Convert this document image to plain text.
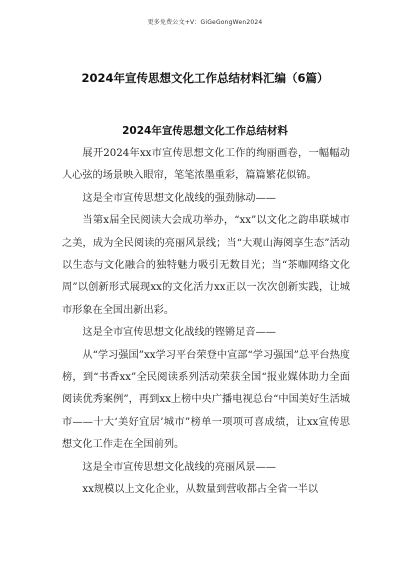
更多免费公文+V：GiGeGongWen2024
2024年宣传思想文化工作总结材料汇编（6篇）
2024年宣传思想文化工作总结材料

展开2024年xx市宣传思想文化工作的绚丽画卷，一幅幅动人心弦的场景映入眼帘，笔笔浓墨重彩，篇篇繁花似锦。

这是全市宣传思想文化战线的强劲脉动——

当第x届全民阅读大会成功举办，“xx”以文化之韵串联城市之美，成为全民阅读的亮丽风景线；当“大观山海阅享生态”活动以生态与文化融合的独特魅力吸引无数目光；当“茶咖网络文化周”以创新形式展现xx的文化活力xx正以一次次创新实践，让城市形象在全国出新出彩。

这是全市宣传思想文化战线的铿锵足音——

从“学习强国”xx学习平台荣登中宣部“学习强国”总平台热度榜，到“书香xx”全民阅读系列活动荣获全国“报业媒体助力全面阅读优秀案例”，再到xx上榜中央广播电视总台“中国美好生活城市——十大‘美好宜居’城市”榜单一项项可喜成绩，让xx宣传思想文化工作走在全国前列。

这是全市宣传思想文化战线的亮丽风景——

xx规模以上文化企业，从数量到营收都占全省一半以
